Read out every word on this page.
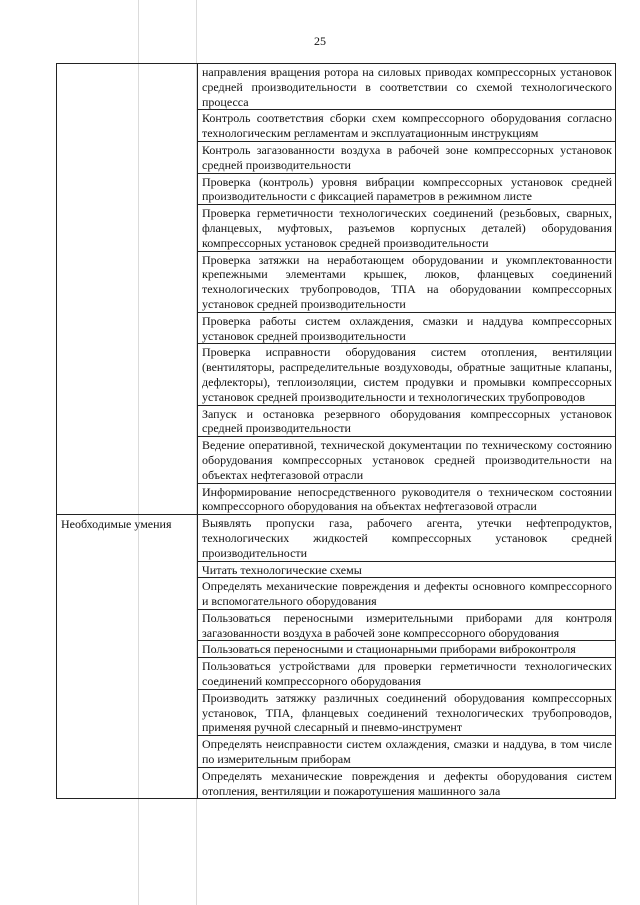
25
	направления вращения ротора на силовых приводах компрессорных установок средней производительности в соответствии со схемой технологического процесса
	Контроль соответствия сборки схем компрессорного оборудования согласно технологическим регламентам и эксплуатационным инструкциям
	Контроль загазованности воздуха в рабочей зоне компрессорных установок средней производительности
	Проверка (контроль) уровня вибрации компрессорных установок средней производительности с фиксацией параметров в режимном листе
	Проверка герметичности технологических соединений (резьбовых, сварных, фланцевых, муфтовых, разъемов корпусных деталей) оборудования компрессорных установок средней производительности
	Проверка затяжки на неработающем оборудовании и укомплектованности крепежными элементами крышек, люков, фланцевых соединений технологических трубопроводов, ТПА на оборудовании компрессорных установок средней производительности
	Проверка работы систем охлаждения, смазки и наддува компрессорных установок средней производительности
	Проверка исправности оборудования систем отопления, вентиляции (вентиляторы, распределительные воздуховоды, обратные защитные клапаны, дефлекторы), теплоизоляции, систем продувки и промывки компрессорных установок средней производительности и технологических трубопроводов
	Запуск и остановка резервного оборудования компрессорных установок средней производительности
	Ведение оперативной, технической документации по техническому состоянию оборудования компрессорных установок средней производительности на объектах нефтегазовой отрасли
	Информирование непосредственного руководителя о техническом состоянии компрессорного оборудования на объектах нефтегазовой отрасли
Необходимые умения	Выявлять пропуски газа, рабочего агента, утечки нефтепродуктов, технологических жидкостей компрессорных установок средней производительности
	Читать технологические схемы
	Определять механические повреждения и дефекты основного компрессорного и вспомогательного оборудования
	Пользоваться переносными измерительными приборами для контроля загазованности воздуха в рабочей зоне компрессорного оборудования
	Пользоваться переносными и стационарными приборами виброконтроля
	Пользоваться устройствами для проверки герметичности технологических соединений компрессорного оборудования
	Производить затяжку различных соединений оборудования компрессорных установок, ТПА, фланцевых соединений технологических трубопроводов, применяя ручной слесарный и пневмо-инструмент
	Определять неисправности систем охлаждения, смазки и наддува, в том числе по измерительным приборам
	Определять механические повреждения и дефекты оборудования систем отопления, вентиляции и пожаротушения машинного зала
